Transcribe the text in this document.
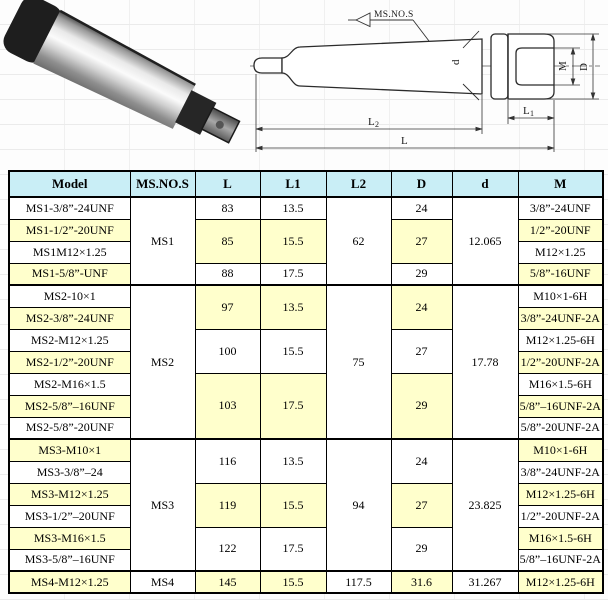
MS.NO.S
d	M D
L 1
L 2
L
Model	MS.NO.S	L	L1	L2	D	d	M
MS1-3/8”-24UNF	MS1	83	13.5	62	24	12.065	3/8”-24UNF
MS1-1/2”-20UNF		85	15.5		27		1/2”-20UNF
MS1M12×1.25							M12×1.25
MS1-5/8”-UNF		88	17.5		29		5/8”-16UNF
MS2-10×1	MS2	97	13.5	75	24	17.78	M10×1-6H
MS2-3/8”-24UNF							3/8”-24UNF-2A
MS2-M12×1.25		100	15.5		27		M12×1.25-6H
MS2-1/2”-20UNF							1/2”-20UNF-2A
MS2-M16×1.5		103	17.5		29		M16×1.5-6H
MS2-5/8”–16UNF							5/8”–16UNF-2A
MS2-5/8”-20UNF							5/8”-20UNF-2A
MS3-M10×1	MS3	116	13.5	94	24	23.825	M10×1-6H
MS3-3/8”–24							3/8”-24UNF-2A
MS3-M12×1.25		119	15.5		27		M12×1.25-6H
MS3-1/2”–20UNF							1/2”-20UNF-2A
MS3-M16×1.5		122	17.5		29		M16×1.5-6H
MS3-5/8”–16UNF							5/8”–16UNF-2A
MS4-M12×1.25	MS4	145	15.5	117.5	31.6	31.267	M12×1.25-6H
